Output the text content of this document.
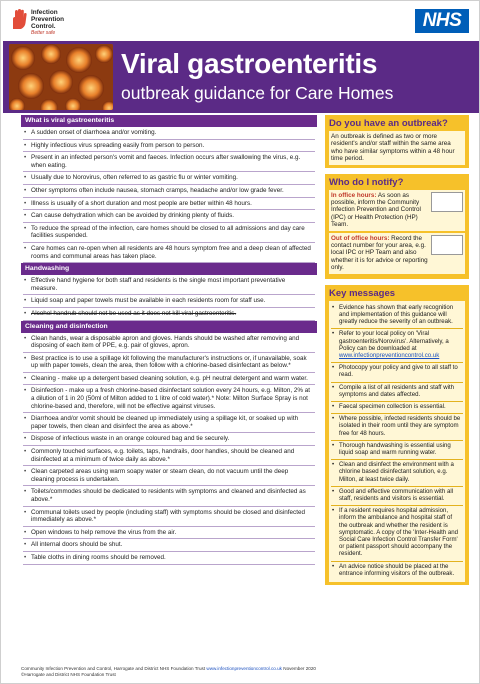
Infection
Prevention
Control.
Better safe
NHS
Viral gastroenteritis
outbreak guidance for Care Homes
What is viral gastroenteritis
• A sudden onset of diarrhoea and/or vomiting.
• Highly infectious virus spreading easily from person to person.
• Present in an infected person's vomit and faeces. Infection occurs after swallowing the virus, e.g. when eating.
• Usually due to Norovirus, often referred to as gastric flu or winter vomiting.
• Other symptoms often include nausea, stomach cramps, headache and/or low grade fever.
• Illness is usually of a short duration and most people are better within 48 hours.
• Can cause dehydration which can be avoided by drinking plenty of fluids.
• To reduce the spread of the infection, care homes should be closed to all admissions and day care facilities suspended.
• Care homes can re-open when all residents are 48 hours symptom free and a deep clean of affected rooms and communal areas has taken place.
Handwashing
• Effective hand hygiene for both staff and residents is the single most important preventative measure.
• Liquid soap and paper towels must be available in each residents room for staff use.
• Alcohol handrub should not be used as it does not kill viral gastroenteritis.
Cleaning and disinfection
• Clean hands, wear a disposable apron and gloves. Hands should be washed after removing and disposing of each item of PPE, e.g. pair of gloves, apron.
• Best practice is to use a spillage kit following the manufacturer's instructions or, if unavailable, soak up with paper towels, clean the area, then follow with a chlorine-based disinfectant as below.*
• Cleaning - make up a detergent based cleaning solution, e.g. pH neutral detergent and warm water.
• Disinfection - make up a fresh chlorine-based disinfectant solution every 24 hours, e.g. Milton, 2% at a dilution of 1 in 20 (50ml of Milton added to 1 litre of cold water).* Note: Milton Surface Spray is not chlorine-based and, therefore, will not be effective against viruses.
• Diarrhoea and/or vomit should be cleaned up immediately using a spillage kit, or soaked up with paper towels, then clean and disinfect the area as above.*
• Dispose of infectious waste in an orange coloured bag and tie securely.
• Commonly touched surfaces, e.g. toilets, taps, handrails, door handles, should be cleaned and disinfected at a minimum of twice daily as above.*
• Clean carpeted areas using warm soapy water or steam clean, do not vacuum until the deep cleaning process is undertaken.
• Toilets/commodes should be dedicated to residents with symptoms and cleaned and disinfected as above.*
• Communal toilets used by people (including staff) with symptoms should be closed and disinfected immediately as above.*
• Open windows to help remove the virus from the air.
• All internal doors should be shut.
• Table cloths in dining rooms should be removed.
Do you have an outbreak?
An outbreak is defined as two or more resident's and/or staff within the same area who have similar symptoms within a 48 hour time period.
Who do I notify?
In office hours: As soon as possible, inform the Community Infection Prevention and Control (IPC) or Health Protection (HP) Team.
Out of office hours: Record the contact number for your area, e.g. local IPC or HP Team and also whether it is for advice or reporting only.
Key messages
• Evidence has shown that early recognition and implementation of this guidance will greatly reduce the severity of an outbreak.
• Refer to your local policy on 'Viral gastroenteritis/Norovirus'. Alternatively, a Policy can be downloaded at www.infectionpreventioncontrol.co.uk
• Photocopy your policy and give to all staff to read.
• Compile a list of all residents and staff with symptoms and dates affected.
• Faecal specimen collection is essential.
• Where possible, infected residents should be isolated in their room until they are symptom free for 48 hours.
• Thorough handwashing is essential using liquid soap and warm running water.
• Clean and disinfect the environment with a chlorine based disinfectant solution, e.g. Milton, at least twice daily.
• Good and effective communication with all staff, residents and visitors is essential.
• If a resident requires hospital admission, inform the ambulance and hospital staff of the outbreak and whether the resident is symptomatic. A copy of the 'Inter-Health and Social Care Infection Control Transfer Form' or patient passport should accompany the resident.
• An advice notice should be placed at the entrance informing visitors of the outbreak.
Community Infection Prevention and Control, Harrogate and District NHS Foundation Trust www.infectionpreventioncontrol.co.uk November 2020
©Harrogate and District NHS Foundation Trust
